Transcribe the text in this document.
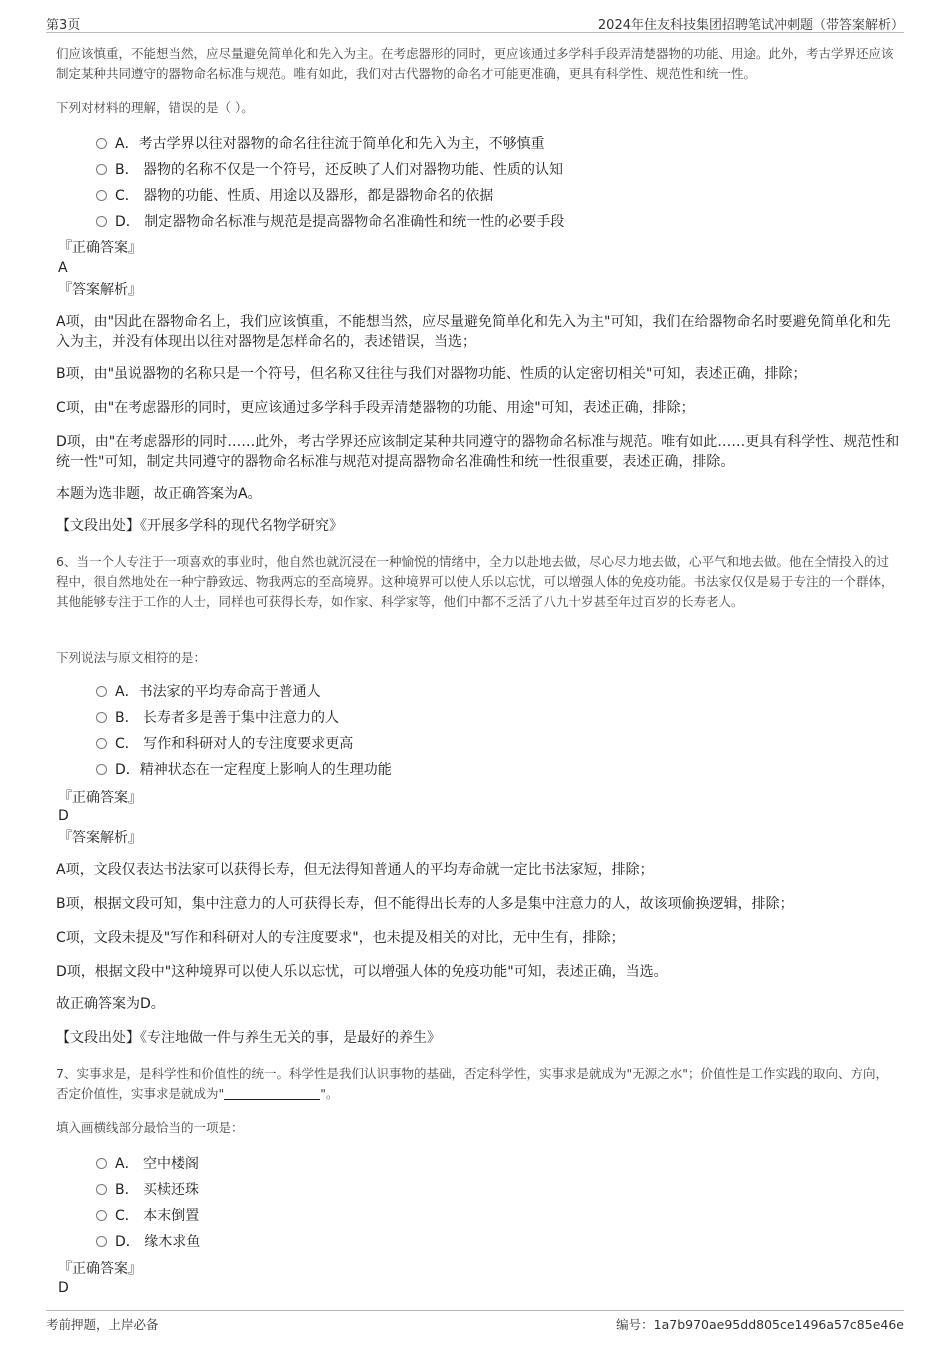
第3页	2024年住友科技集团招聘笔试冲刺题（带答案解析）
们应该慎重，不能想当然，应尽量避免简单化和先入为主。在考虑器形的同时，更应该通过多学科手段弄清楚器物的功能、用途。此外，考古学界还应该制定某种共同遵守的器物命名标准与规范。唯有如此，我们对古代器物的命名才可能更准确，更具有科学性、规范性和统一性。
下列对材料的理解，错误的是（ ）。
A．考古学界以往对器物的命名往往流于简单化和先入为主，不够慎重
B． 器物的名称不仅是一个符号，还反映了人们对器物功能、性质的认知
C． 器物的功能、性质、用途以及器形，都是器物命名的依据
D． 制定器物命名标准与规范是提高器物命名准确性和统一性的必要手段
『正确答案』
A
『答案解析』
A项，由"因此在器物命名上，我们应该慎重，不能想当然，应尽量避免简单化和先入为主"可知，我们在给器物命名时要避免简单化和先入为主，并没有体现出以往对器物是怎样命名的，表述错误，当选；
B项，由"虽说器物的名称只是一个符号，但名称又往往与我们对器物功能、性质的认定密切相关"可知，表述正确，排除；
C项，由"在考虑器形的同时，更应该通过多学科手段弄清楚器物的功能、用途"可知，表述正确，排除；
D项，由"在考虑器形的同时……此外，考古学界还应该制定某种共同遵守的器物命名标准与规范。唯有如此……更具有科学性、规范性和统一性"可知，制定共同遵守的器物命名标准与规范对提高器物命名准确性和统一性很重要，表述正确，排除。
本题为选非题，故正确答案为A。
【文段出处】《开展多学科的现代名物学研究》
6、当一个人专注于一项喜欢的事业时，他自然也就沉浸在一种愉悦的情绪中，全力以赴地去做，尽心尽力地去做，心平气和地去做。他在全情投入的过程中，很自然地处在一种宁静致远、物我两忘的至高境界。这种境界可以使人乐以忘忧，可以增强人体的免疫功能。书法家仅仅是易于专注的一个群体，其他能够专注于工作的人士，同样也可获得长寿，如作家、科学家等，他们中都不乏活了八九十岁甚至年过百岁的长寿老人。
下列说法与原文相符的是：
A．书法家的平均寿命高于普通人
B． 长寿者多是善于集中注意力的人
C． 写作和科研对人的专注度要求更高
D．精神状态在一定程度上影响人的生理功能
『正确答案』
D
『答案解析』
A项，文段仅表达书法家可以获得长寿，但无法得知普通人的平均寿命就一定比书法家短，排除；
B项，根据文段可知，集中注意力的人可获得长寿，但不能得出长寿的人多是集中注意力的人，故该项偷换逻辑，排除；
C项，文段未提及"写作和科研对人的专注度要求"，也未提及相关的对比，无中生有，排除；
D项，根据文段中"这种境界可以使人乐以忘忧，可以增强人体的免疫功能"可知，表述正确，当选。
故正确答案为D。
【文段出处】《专注地做一件与养生无关的事，是最好的养生》
7、实事求是，是科学性和价值性的统一。科学性是我们认识事物的基础，否定科学性，实事求是就成为"无源之水"；价值性是工作实践的取向、方向，否定价值性，实事求是就成为"	"。
填入画横线部分最恰当的一项是：
A． 空中楼阁
B． 买椟还珠
C． 本末倒置
D． 缘木求鱼
『正确答案』
D
考前押题，上岸必备	编号：1a7b970ae95dd805ce1496a57c85e46e
